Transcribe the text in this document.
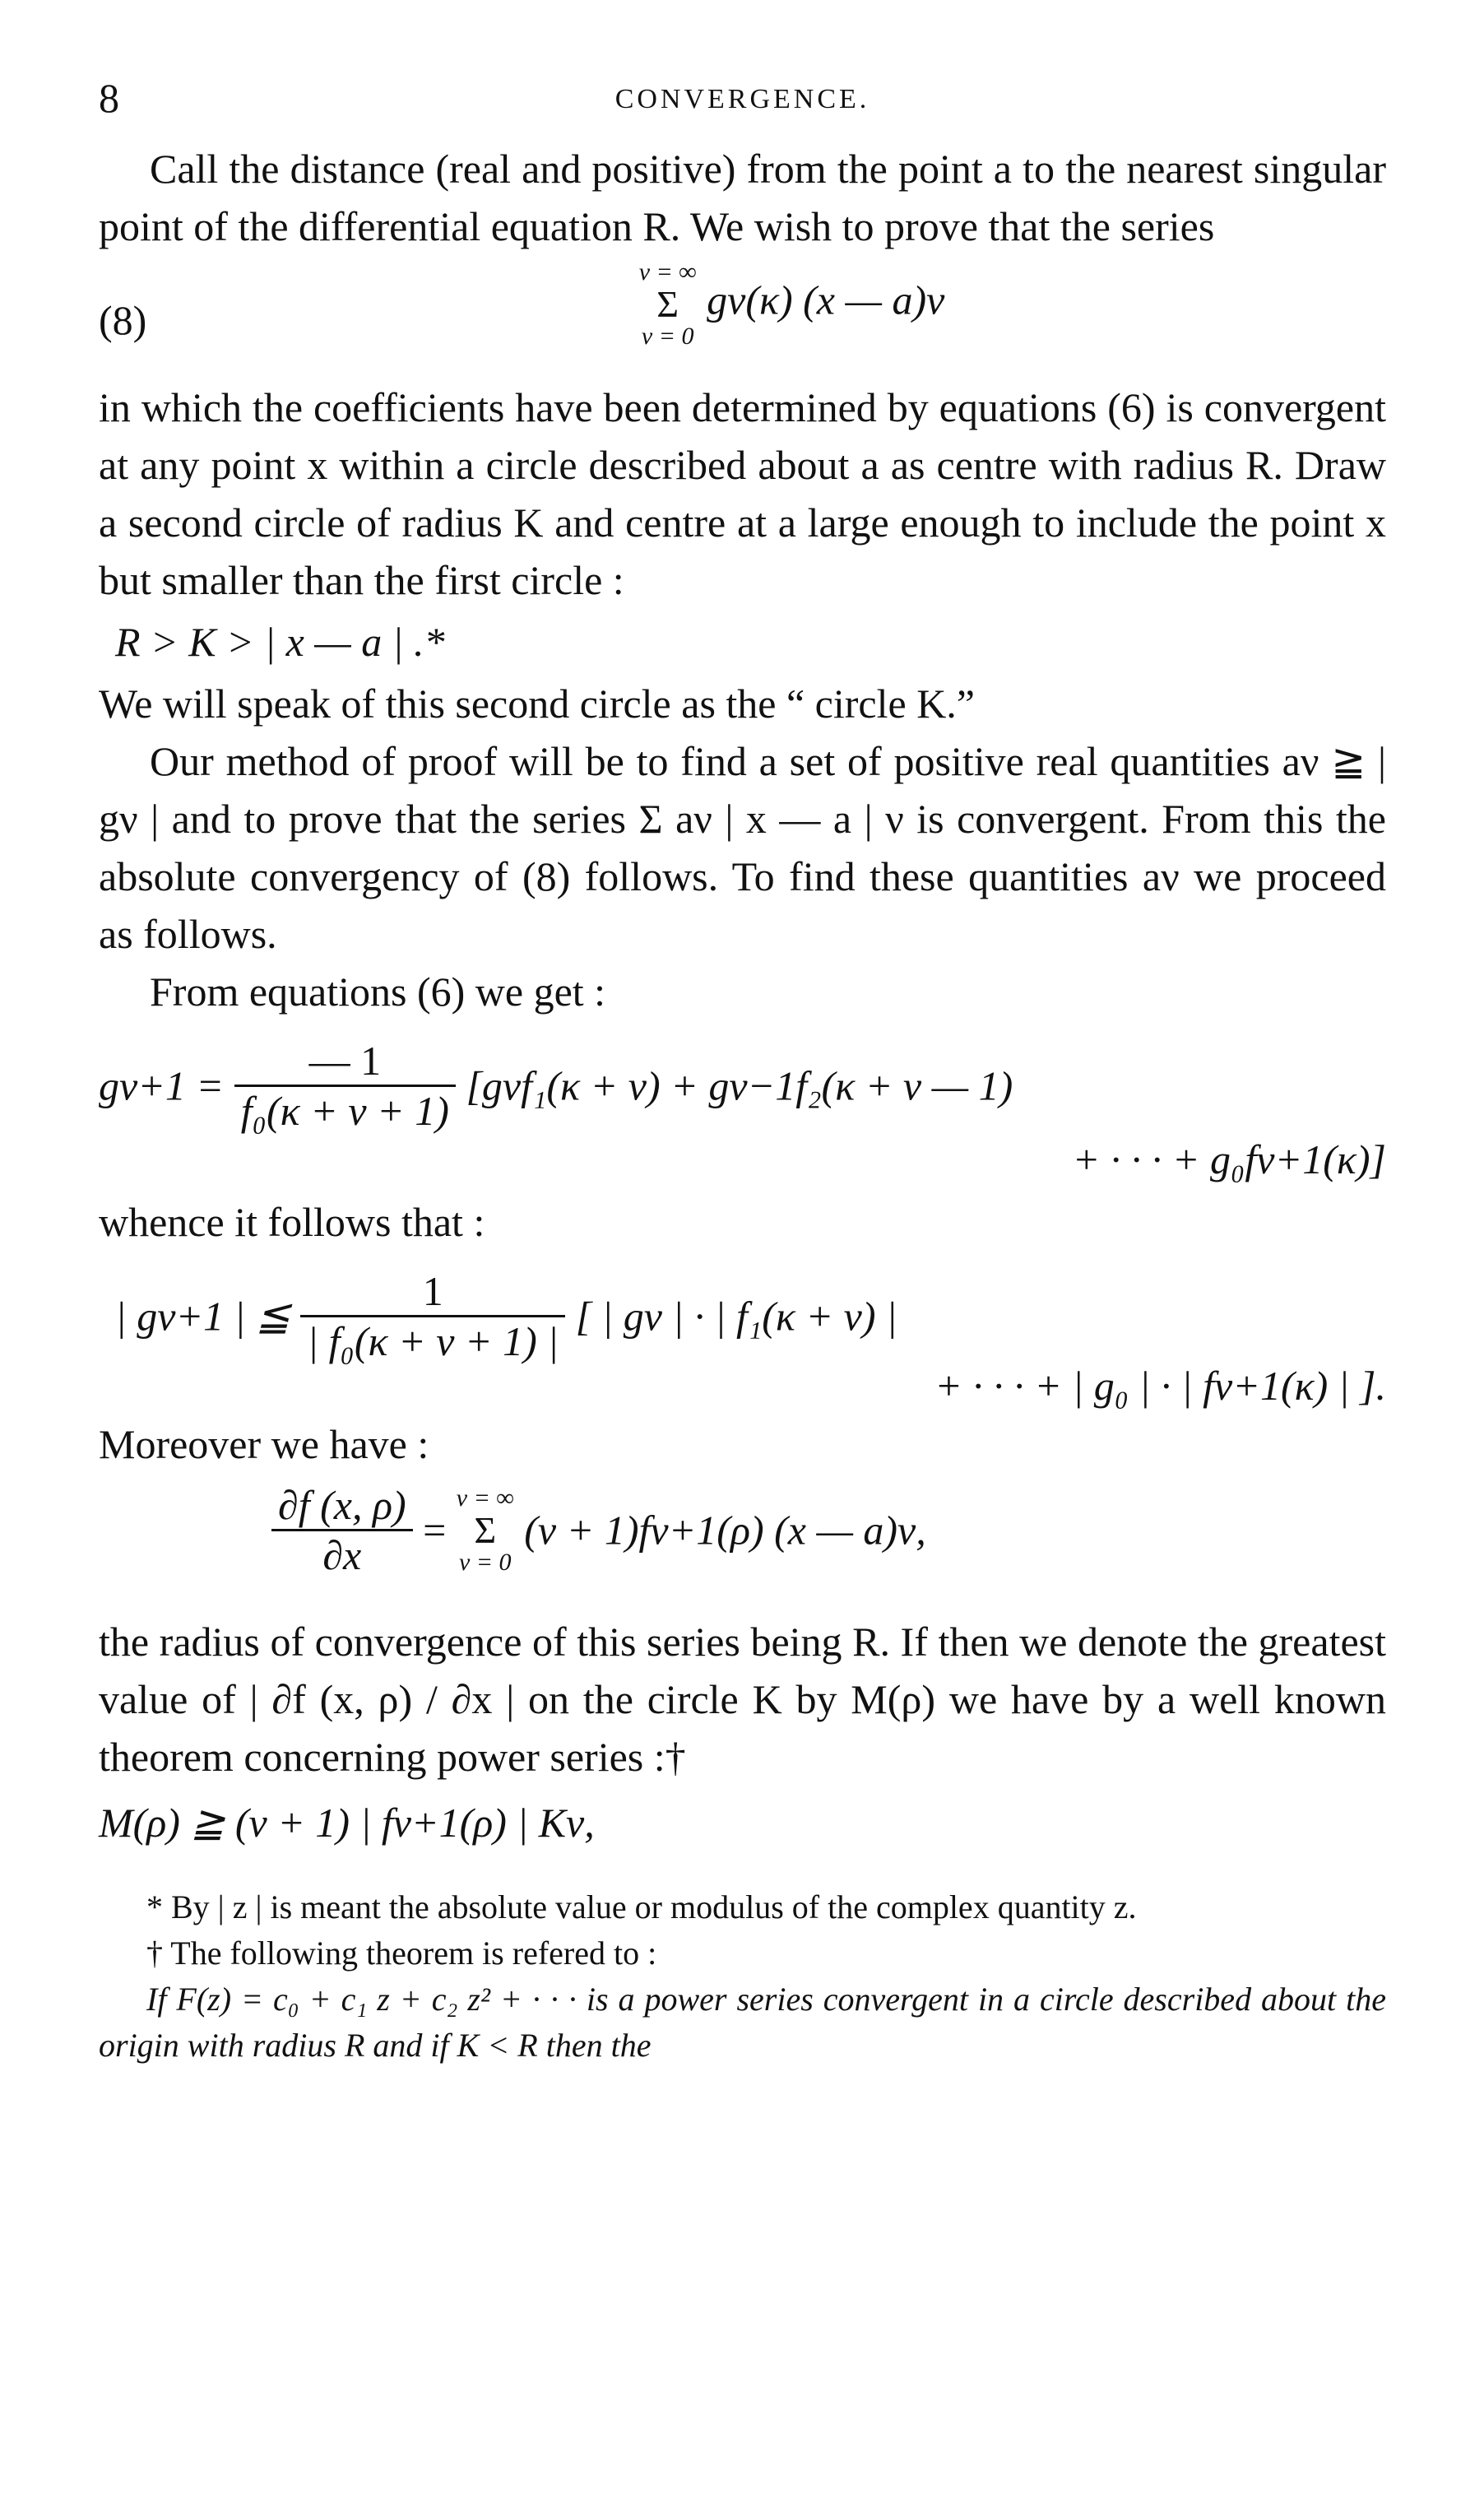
8	CONVERGENCE.

Call the distance (real and positive) from the point a to the nearest singular point of the differential equation R. We wish to prove that the series

(8)
ν = ∞
Σ
ν = 0
gν(κ) (x — a)ν

in which the coefficients have been determined by equations (6) is convergent at any point x within a circle described about a as centre with radius R. Draw a second circle of radius K and centre at a large enough to include the point x but smaller than the first circle :

R > K > | x — a | .*

We will speak of this second circle as the “ circle K.”

Our method of proof will be to find a set of positive real quantities aν ≧ | gν | and to prove that the series Σ aν | x — a | ν is convergent. From this the absolute convergency of (8) follows. To find these quantities aν we proceed as follows.

From equations (6) we get :

$g\nu+1 = \frac{— 1}{\text{f₀(κ + ν + 1)}} [g\nu f_1(\kappa + \nu) + g\nu-1f_2(\kappa + \nu$ — 1)
+ · · · + g₀fν+1(κ)]

whence it follows that :

| gν+1 | ≦ $\frac{1}{\text{| f₀(κ + ν + 1) |}}$ [ | gν | · | f₁(κ + ν) |
+ · · · + | g₀ | · | fν+1(κ) | ].

Moreover we have :

$\frac{\partial f (x, \rho)}{\partial x}$ =
ν = ∞
Σ
ν = 0
(ν + 1)fν+1(ρ) (x — a)ν,

the radius of convergence of this series being R. If then we denote the greatest value of | ∂f (x, ρ) / ∂x | on the circle K by M(ρ) we have by a well known theorem concerning power series :†

M(ρ) ≧ (ν + 1) | fν+1(ρ) | Kν,

* By | z | is meant the absolute value or modulus of the complex quantity z.

† The following theorem is refered to :

If F(z) = c₀ + c₁ z + c₂ z² + · · · is a power series convergent in a circle described about the origin with radius R and if K < R then the
